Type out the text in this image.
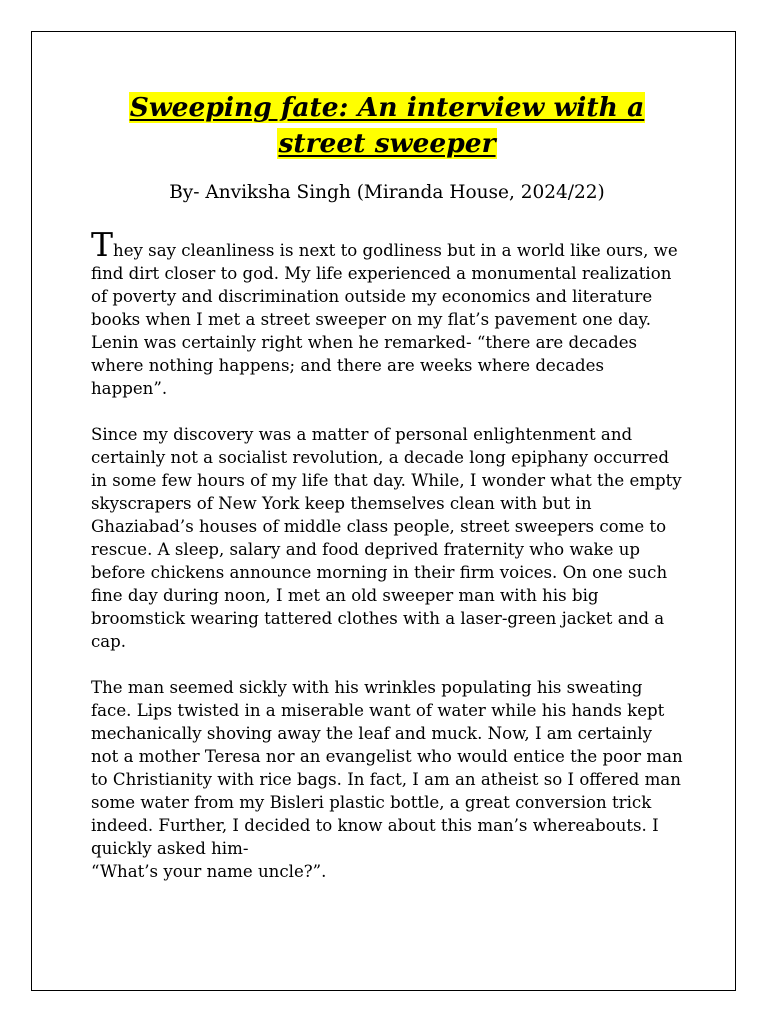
Sweeping fate: An interview with a street sweeper

By- Anviksha Singh (Miranda House, 2024/22)

They say cleanliness is next to godliness but in a world like ours, we find dirt closer to god. My life experienced a monumental realization of poverty and discrimination outside my economics and literature books when I met a street sweeper on my flat’s pavement one day. Lenin was certainly right when he remarked- “there are decades where nothing happens; and there are weeks where decades happen”.

Since my discovery was a matter of personal enlightenment and certainly not a socialist revolution, a decade long epiphany occurred in some few hours of my life that day. While, I wonder what the empty skyscrapers of New York keep themselves clean with but in Ghaziabad’s houses of middle class people, street sweepers come to rescue. A sleep, salary and food deprived fraternity who wake up before chickens announce morning in their firm voices. On one such fine day during noon, I met an old sweeper man with his big broomstick wearing tattered clothes with a laser-green jacket and a cap.

The man seemed sickly with his wrinkles populating his sweating face. Lips twisted in a miserable want of water while his hands kept mechanically shoving away the leaf and muck. Now, I am certainly not a mother Teresa nor an evangelist who would entice the poor man to Christianity with rice bags. In fact, I am an atheist so I offered man some water from my Bisleri plastic bottle, a great conversion trick indeed. Further, I decided to know about this man’s whereabouts. I quickly asked him-
“What’s your name uncle?”.
